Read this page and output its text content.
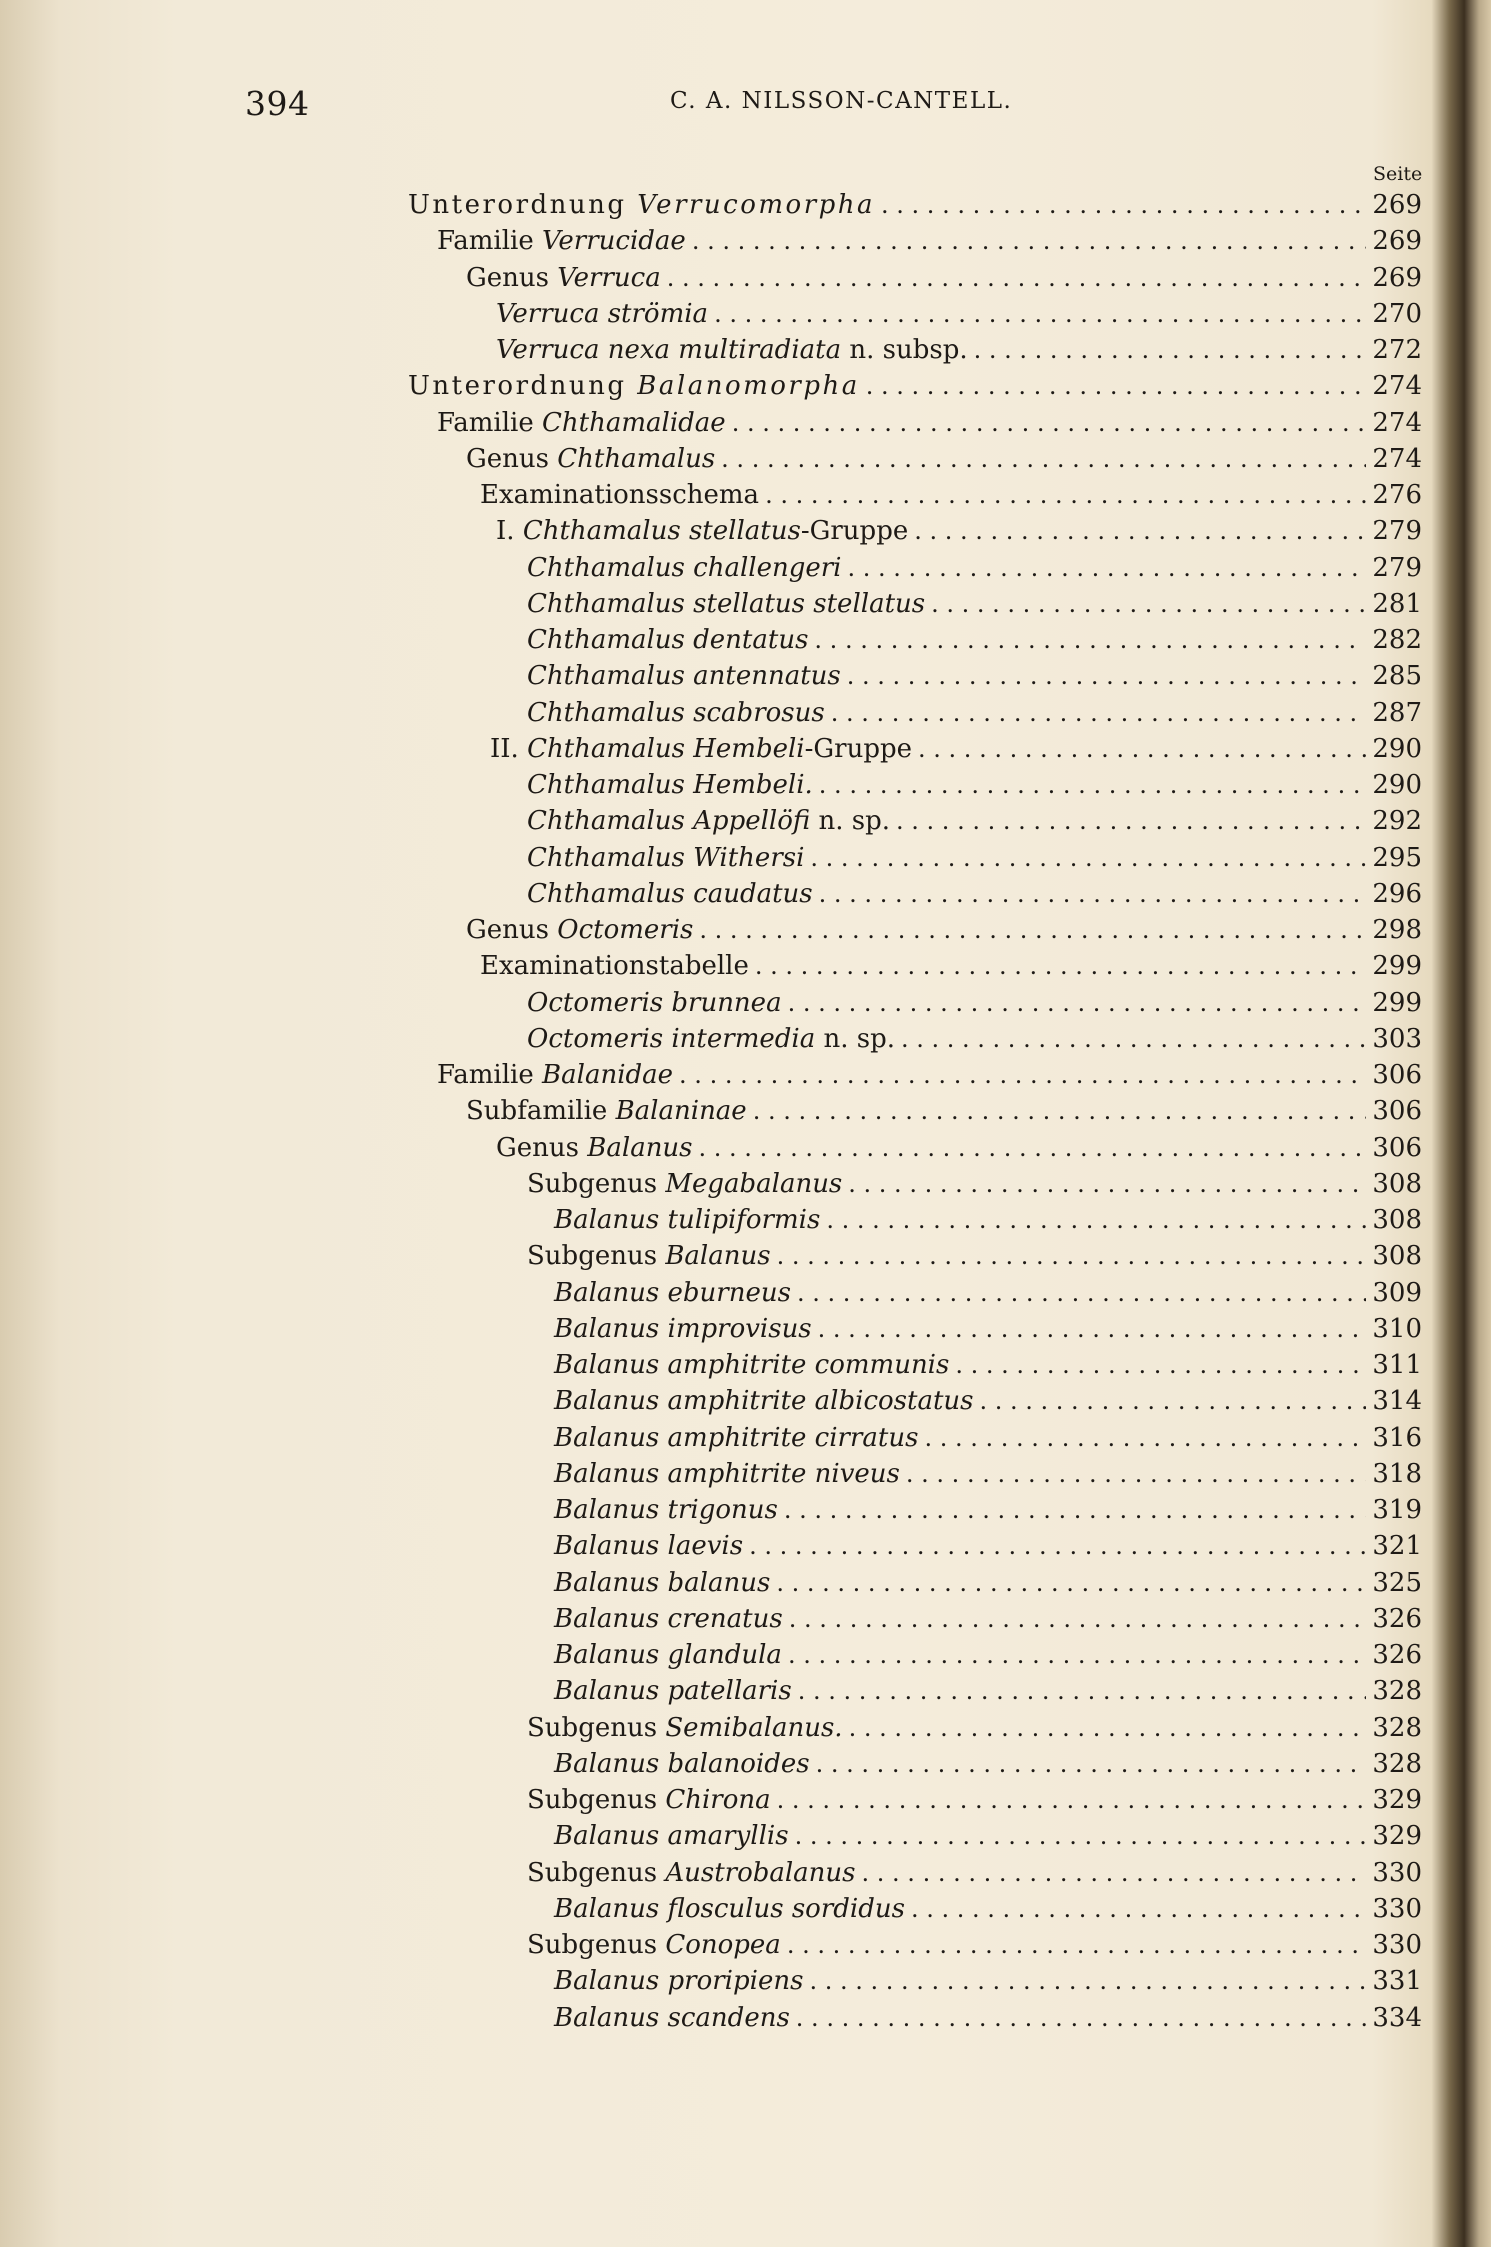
394	C. A. NILSSON-CANTELL.
Seite
Unterordnung Verrucomorpha . . .	269
Familie Verrucidae . . .	269
Genus Verruca . . .	269
Verruca strömia . . .	270
Verruca nexa multiradiata n. subsp. . . .	272
Unterordnung Balanomorpha . . .	274
Familie Chthamalidae . . .	274
Genus Chthamalus . . .	274
Examinationsschema . . .	276
I. Chthamalus stellatus-Gruppe . . .	279
Chthamalus challengeri . . .	279
Chthamalus stellatus stellatus . . .	281
Chthamalus dentatus . . .	282
Chthamalus antennatus . . .	285
Chthamalus scabrosus . . .	287
II. Chthamalus Hembeli-Gruppe . . .	290
Chthamalus Hembeli. . . .	290
Chthamalus Appellöfi n. sp. . . .	292
Chthamalus Withersi . . .	295
Chthamalus caudatus . . .	296
Genus Octomeris . . .	298
Examinationstabelle . . .	299
Octomeris brunnea . . .	299
Octomeris intermedia n. sp. . . .	303
Familie Balanidae . . .	306
Subfamilie Balaninae . . .	306
Genus Balanus . . .	306
Subgenus Megabalanus . . .	308
Balanus tulipiformis . . .	308
Subgenus Balanus . . .	308
Balanus eburneus . . .	309
Balanus improvisus . . .	310
Balanus amphitrite communis . . .	311
Balanus amphitrite albicostatus . . .	314
Balanus amphitrite cirratus . . .	316
Balanus amphitrite niveus . . .	318
Balanus trigonus . . .	319
Balanus laevis . . .	321
Balanus balanus . . .	325
Balanus crenatus . . .	326
Balanus glandula . . .	326
Balanus patellaris . . .	328
Subgenus Semibalanus. . . .	328
Balanus balanoides . . .	328
Subgenus Chirona . . .	329
Balanus amaryllis . . .	329
Subgenus Austrobalanus . . .	330
Balanus flosculus sordidus . . .	330
Subgenus Conopea . . .	330
Balanus proripiens . . .	331
Balanus scandens . . .	334
